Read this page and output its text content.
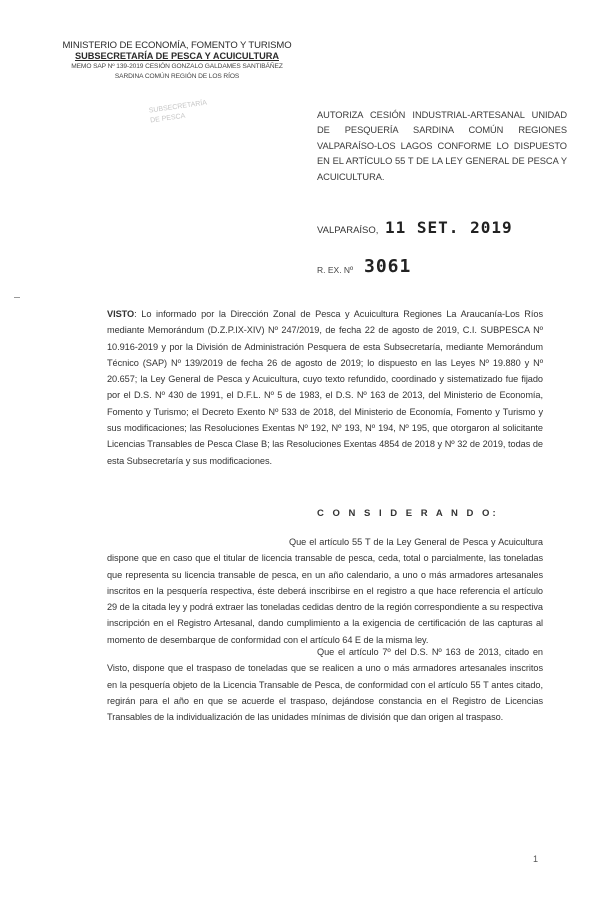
MINISTERIO DE ECONOMÍA, FOMENTO Y TURISMO
SUBSECRETARÍA DE PESCA Y ACUICULTURA
MEMO SAP Nº 139-2019 CESIÓN GONZALO GALDAMES SANTIBÁÑEZ
SARDINA COMÚN REGIÓN DE LOS RÍOS
SUBSECRETARÍA
DE PESCA	AUTORIZA CESIÓN INDUSTRIAL-ARTESANAL UNIDAD DE PESQUERÍA SARDINA COMÚN REGIONES VALPARAÍSO-LOS LAGOS CONFORME LO DISPUESTO EN EL ARTÍCULO 55 T DE LA LEY GENERAL DE PESCA Y ACUICULTURA.
VALPARAÍSO, 11 SET. 2019
R. EX. Nº 3061
VISTO: Lo informado por la Dirección Zonal de Pesca y Acuicultura Regiones La Araucanía-Los Ríos mediante Memorándum (D.Z.P.IX-XIV) Nº 247/2019, de fecha 22 de agosto de 2019, C.I. SUBPESCA Nº 10.916-2019 y por la División de Administración Pesquera de esta Subsecretaría, mediante Memorándum Técnico (SAP) Nº 139/2019 de fecha 26 de agosto de 2019; lo dispuesto en las Leyes Nº 19.880 y Nº 20.657; la Ley General de Pesca y Acuicultura, cuyo texto refundido, coordinado y sistematizado fue fijado por el D.S. Nº 430 de 1991, el D.F.L. Nº 5 de 1983, el D.S. Nº 163 de 2013, del Ministerio de Economía, Fomento y Turismo; el Decreto Exento Nº 533 de 2018, del Ministerio de Economía, Fomento y Turismo y sus modificaciones; las Resoluciones Exentas Nº 192, Nº 193, Nº 194, Nº 195, que otorgaron al solicitante Licencias Transables de Pesca Clase B; las Resoluciones Exentas 4854 de 2018 y Nº 32 de 2019, todas de esta Subsecretaría y sus modificaciones.
C O N S I D E R A N D O:
Que el artículo 55 T de la Ley General de Pesca y Acuicultura dispone que en caso que el titular de licencia transable de pesca, ceda, total o parcialmente, las toneladas que representa su licencia transable de pesca, en un año calendario, a uno o más armadores artesanales inscritos en la pesquería respectiva, éste deberá inscribirse en el registro a que hace referencia el artículo 29 de la citada ley y podrá extraer las toneladas cedidas dentro de la región correspondiente a su respectiva inscripción en el Registro Artesanal, dando cumplimiento a la exigencia de certificación de las capturas al momento de desembarque de conformidad con el artículo 64 E de la misma ley.
Que el artículo 7º del D.S. Nº 163 de 2013, citado en Visto, dispone que el traspaso de toneladas que se realicen a uno o más armadores artesanales inscritos en la pesquería objeto de la Licencia Transable de Pesca, de conformidad con el artículo 55 T antes citado, regirán para el año en que se acuerde el traspaso, dejándose constancia en el Registro de Licencias Transables de la individualización de las unidades mínimas de división que dan origen al traspaso.
1
